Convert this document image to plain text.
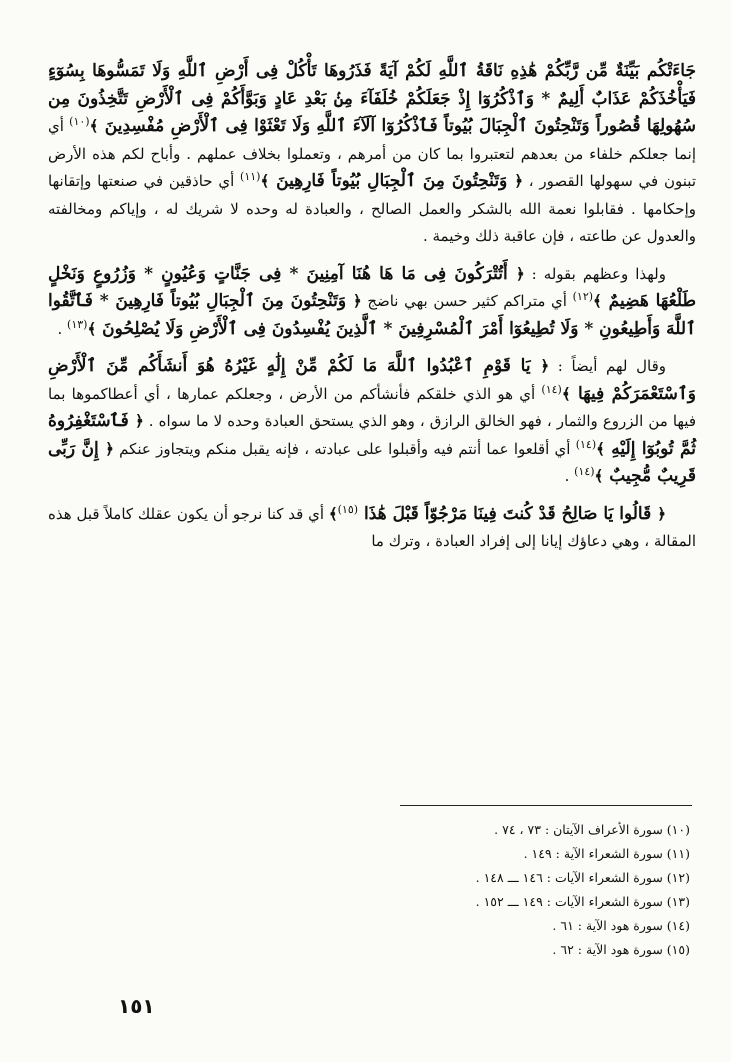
جَاءَتْكُم بَيِّنَةٌ مِّن رَّبِّكُمْ هَٰذِهِ نَاقَةُ ٱللَّهِ لَكُمْ آيَةً فَذَرُوهَا تَأْكُلْ فِى أَرْضِ ٱللَّهِ وَلَا تَمَسُّوهَا بِسُوٓءٍ فَيَأْخُذَكُمْ عَذَابٌ أَلِيمٌ * وَٱذْكُرُوٓا إِذْ جَعَلَكُمْ خُلَفَآءَ مِنۢ بَعْدِ عَادٍ وَبَوَّأَكُمْ فِى ٱلْأَرْضِ تَتَّخِذُونَ مِن سُهُولِهَا قُصُوراً وَتَنْحِتُونَ ٱلْجِبَالَ بُيُوتاً فَٱذْكُرُوٓا آلَآءَ ٱللَّهِ وَلَا تَعْثَوْا فِى ٱلْأَرْضِ مُفْسِدِينَ ﴾$^{(١٠)}$ أي إنما جعلكم خلفاء من بعدهم لتعتبروا بما كان من أمرهم ، وتعملوا بخلاف عملهم . وأباح لكم هذه الأرض تبنون في سهولها القصور ، ﴿ وَتَنْحِتُونَ مِنَ ٱلْجِبَالِ بُيُوتاً فَارِهِينَ ﴾$^{(١١)}$ أي حاذقين في صنعتها وإتقانها وإحكامها . فقابلوا نعمة الله بالشكر والعمل الصالح ، والعبادة له وحده لا شريك له ، وإياكم ومخالفته والعدول عن طاعته ، فإن عاقبة ذلك وخيمة .

ولهذا وعظهم بقوله : ﴿ أَتُتْرَكُونَ فِى مَا هَا هُنَا آمِنِينَ * فِى جَنَّاتٍ وَعُيُونٍ * وَزُرُوعٍ وَنَخْلٍ طَلْعُهَا هَضِيمٌ ﴾$^{(١٢)}$ أي متراكم كثير حسن بهي ناضج ﴿ وَتَنْحِتُونَ مِنَ ٱلْجِبَالِ بُيُوتاً فَارِهِينَ * فَٱتَّقُوا ٱللَّهَ وَأَطِيعُونِ * وَلَا تُطِيعُوٓا أَمْرَ ٱلْمُسْرِفِينَ * ٱلَّذِينَ يُفْسِدُونَ فِى ٱلْأَرْضِ وَلَا يُصْلِحُونَ ﴾$^{(١٣)}$ .

وقال لهم أيضاً : ﴿ يَا قَوْمِ ٱعْبُدُوا ٱللَّهَ مَا لَكُمْ مِّنْ إِلَٰهٍ غَيْرُهُ هُوَ أَنشَأَكُم مِّنَ ٱلْأَرْضِ وَٱسْتَعْمَرَكُمْ فِيهَا ﴾$^{(١٤)}$ أي هو الذي خلقكم فأنشأكم من الأرض ، وجعلكم عمارها ، أي أعطاكموها بما فيها من الزروع والثمار ، فهو الخالق الرازق ، وهو الذي يستحق العبادة وحده لا ما سواه . ﴿ فَٱسْتَغْفِرُوهُ ثُمَّ تُوبُوٓا إِلَيْهِ ﴾$^{(١٤)}$ أي أقلعوا عما أنتم فيه وأقبلوا على عبادته ، فإنه يقبل منكم ويتجاوز عنكم ﴿ إِنَّ رَبِّى قَرِيبٌ مُّجِيبٌ ﴾$^{(١٤)}$ .

﴿ قَالُوا يَا صَالِحُ قَدْ كُنتَ فِينَا مَرْجُوّاً قَبْلَ هَٰذَا $^{(١٥)}$﴾ أي قد كنا نرجو أن يكون عقلك كاملاً قبل هذه المقالة ، وهي دعاؤك إيانا إلى إفراد العبادة ، وترك ما

(١٠) سورة الأعراف الآيتان : ٧٣ ، ٧٤ .
(١١) سورة الشعراء الآية : ١٤٩ .
(١٢) سورة الشعراء الآيات : ١٤٦ ـــ ١٤٨ .
(١٣) سورة الشعراء الآيات : ١٤٩ ـــ ١٥٢ .
(١٤) سورة هود الآية : ٦١ .
(١٥) سورة هود الآية : ٦٢ .
١٥١
